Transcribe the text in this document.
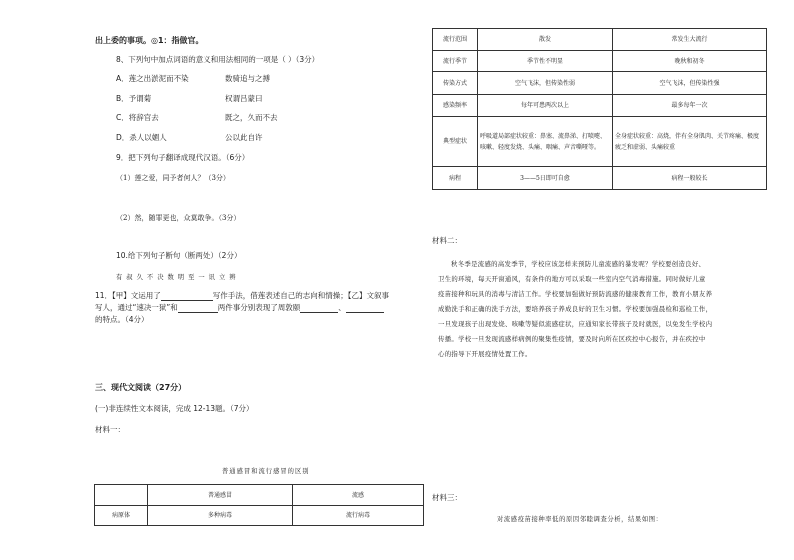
出上委的事项。◎1：指做官。
8、下列句中加点词语的意义和用法相同的一项是（ ）（3分）
A．莲之出淤泥而不染	数骑追与之搏
B．予谓菊	权谓吕蒙曰
C．将辞官去	既之，久而不去
D．杀人以媚人	公以此自许
9．把下列句子翻译成现代汉语。（6分）
（1）莲之爱，同予者何人？（3分）
（2）然，随罪更也，众莫敢争。（3分）
10.给下列句子断句（断两处）（2分）
有 叔 久 不 决 数 明 至 一 讯 立 辨
11．【甲】文运用了	写作手法，借莲表述自己的志向和情操；【乙】文叙事
写人，通过“速决一狱”和	两件事分别表现了周敦颐	、
的特点。（4分）
三、现代文阅读（27分）
(一)非连续性文本阅读，完成 12-13题。（7分）
材料一：
普通感冒和流行感冒的区别
	普通感冒	流感
病原体	多种病毒	流行病毒
流行范围	散发	常发生大流行
流行季节	季节性不明显	晚秋和初冬
传染方式	空气飞沫，但传染性弱	空气飞沫，但传染性强
感染频率	每年可患两次以上	最多每年一次
典型症状	呼吸道局部症状较重：鼻塞、流鼻涕、打喷嚏、咳嗽、轻度发烧、头痛、咽痛、声音嘶哑等。	全身症状较重：高烧，伴有全身肌肉、关节疼痛、极度疲乏和虚弱、头痛较重
病程	3——5日即可自愈	病程一般较长
材料二：
秋冬季是流感的高发季节，学校应该怎样来预防儿童流感的暴发呢？学校要创造良好、
卫生的环境，每天开窗通风，有条件的地方可以采取一些室内空气消毒措施。同时做好儿童
疫苗接种和玩具的消毒与清洁工作。学校要加强做好预防流感的健康教育工作，教育小朋友养
成勤洗手和正确的洗手方法，要培养孩子养成良好的卫生习惯。学校要加强晨检和巡检工作，
一旦发现孩子出现发烧、咳嗽等疑似流感症状，应通知家长带孩子及时就医，以免发生学校内
传播。学校一旦发现流感样病例的聚集性疫情，要及时向所在区疾控中心报告，并在疾控中
心的指导下开展疫情处置工作。
材料三：
对流感疫苗接种率低的原因邻睦调查分析，结果如图：
